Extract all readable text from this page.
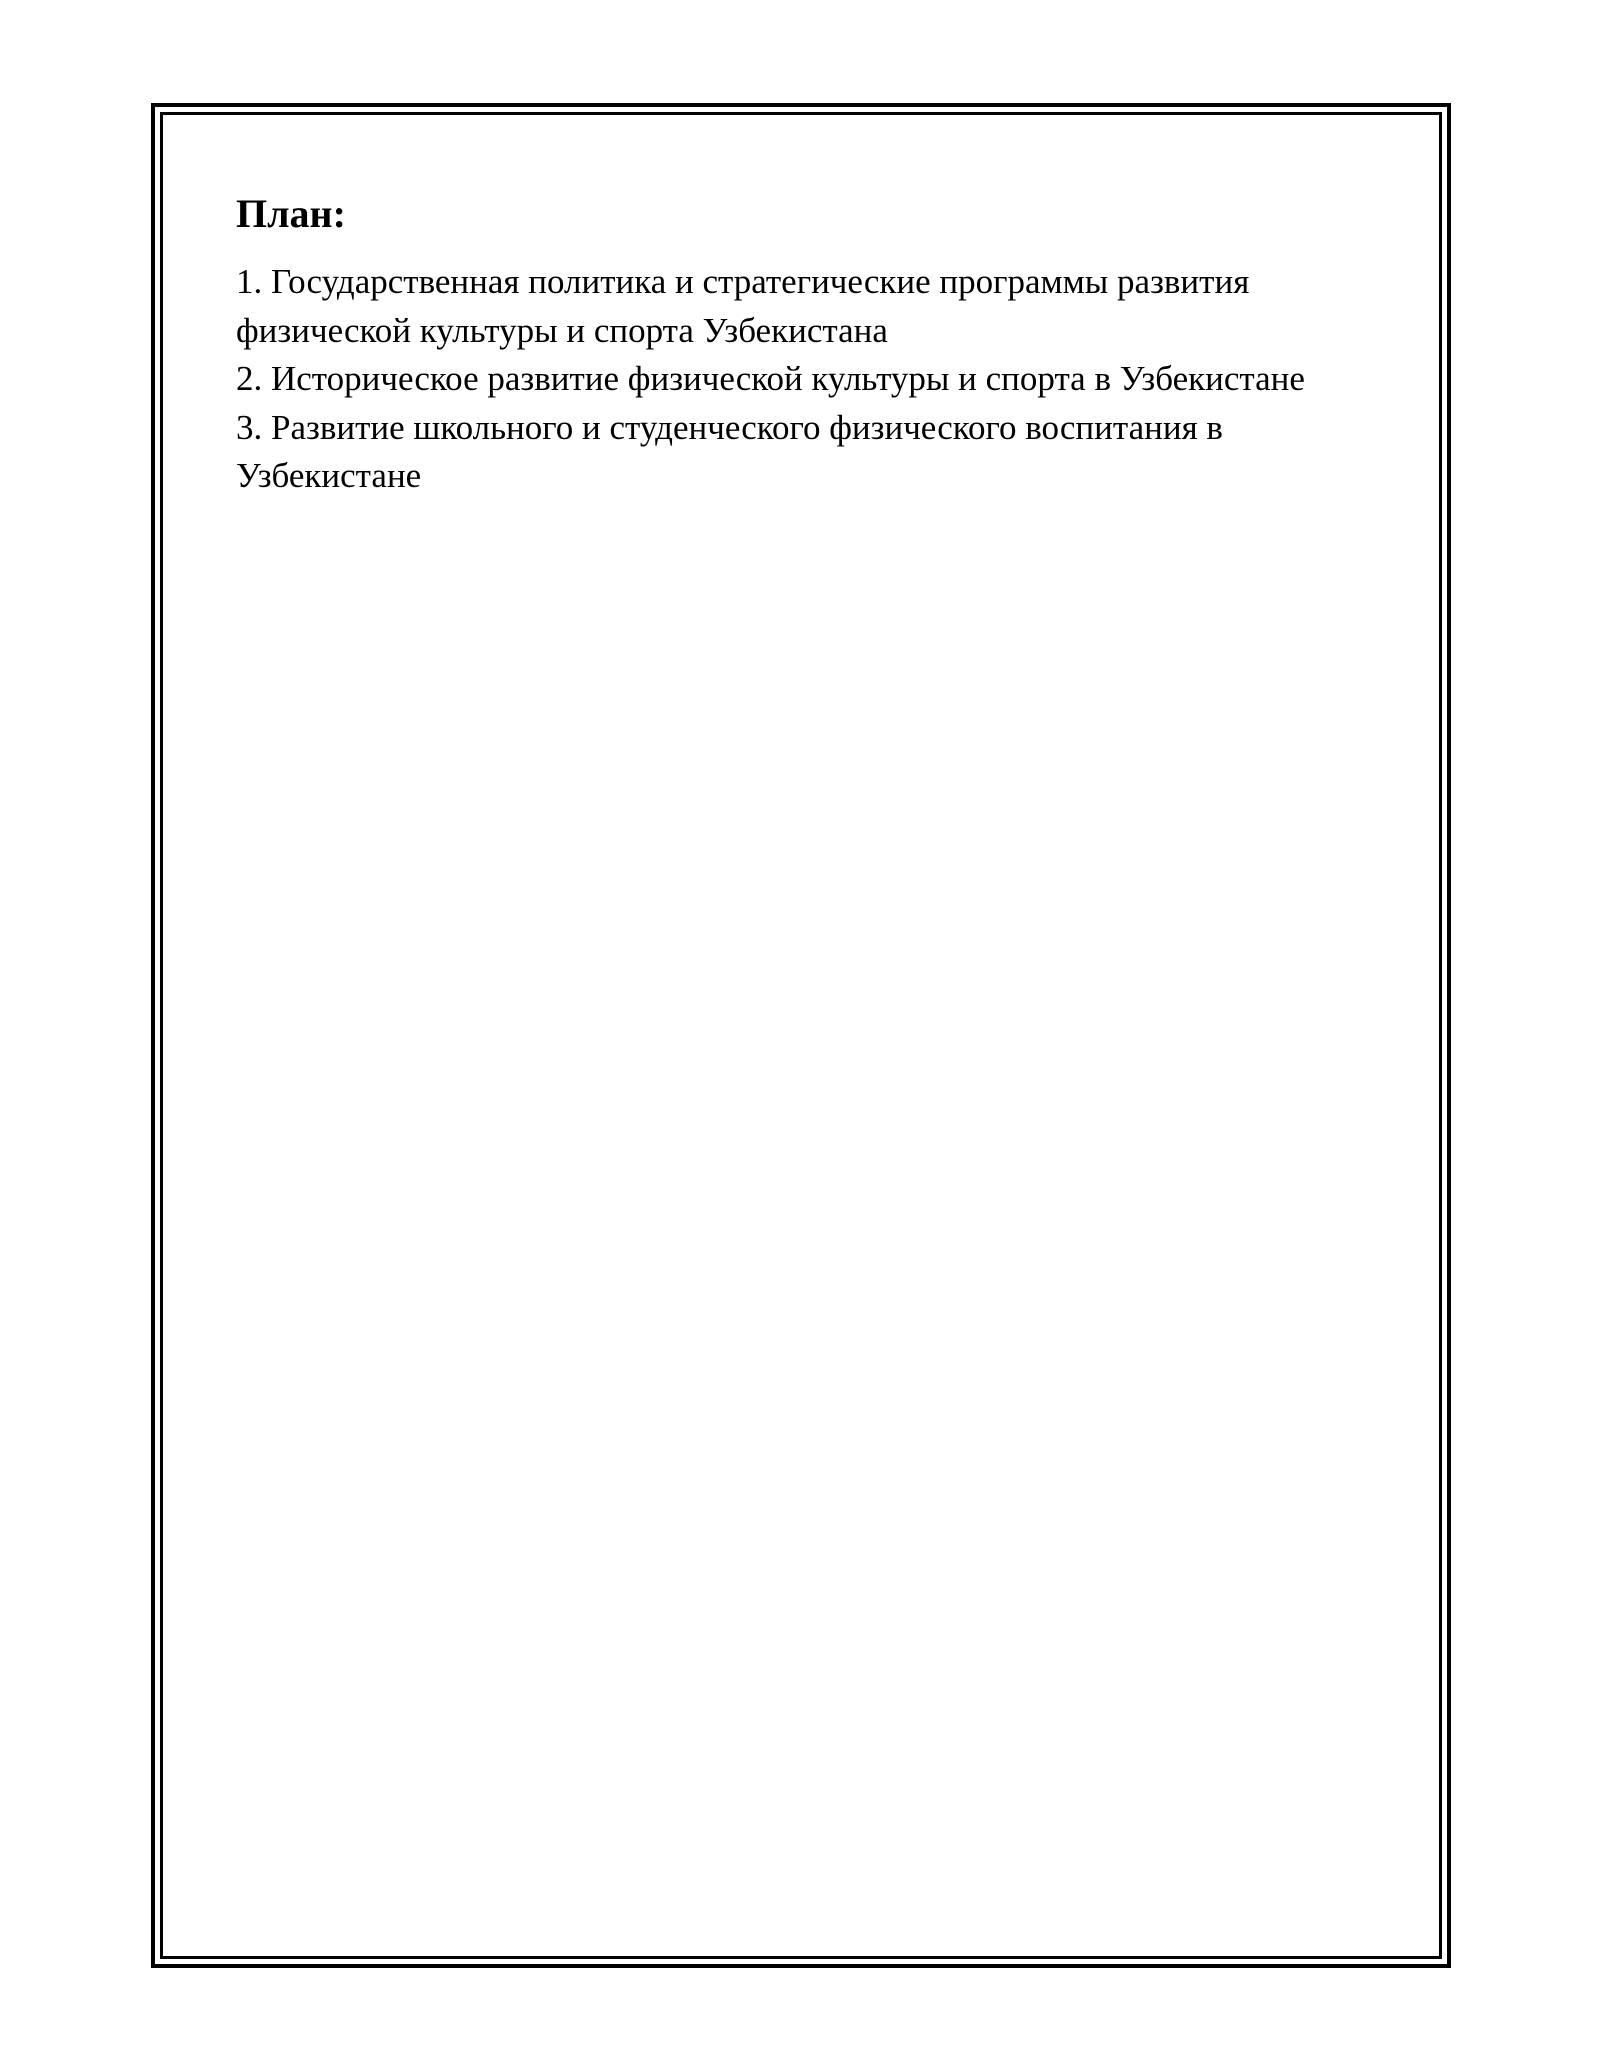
План:
1. Государственная политика и стратегические программы развития физической культуры и спорта Узбекистана
2. Историческое развитие физической культуры и спорта в Узбекистане
3. Развитие школьного и студенческого физического воспитания в Узбекистане
